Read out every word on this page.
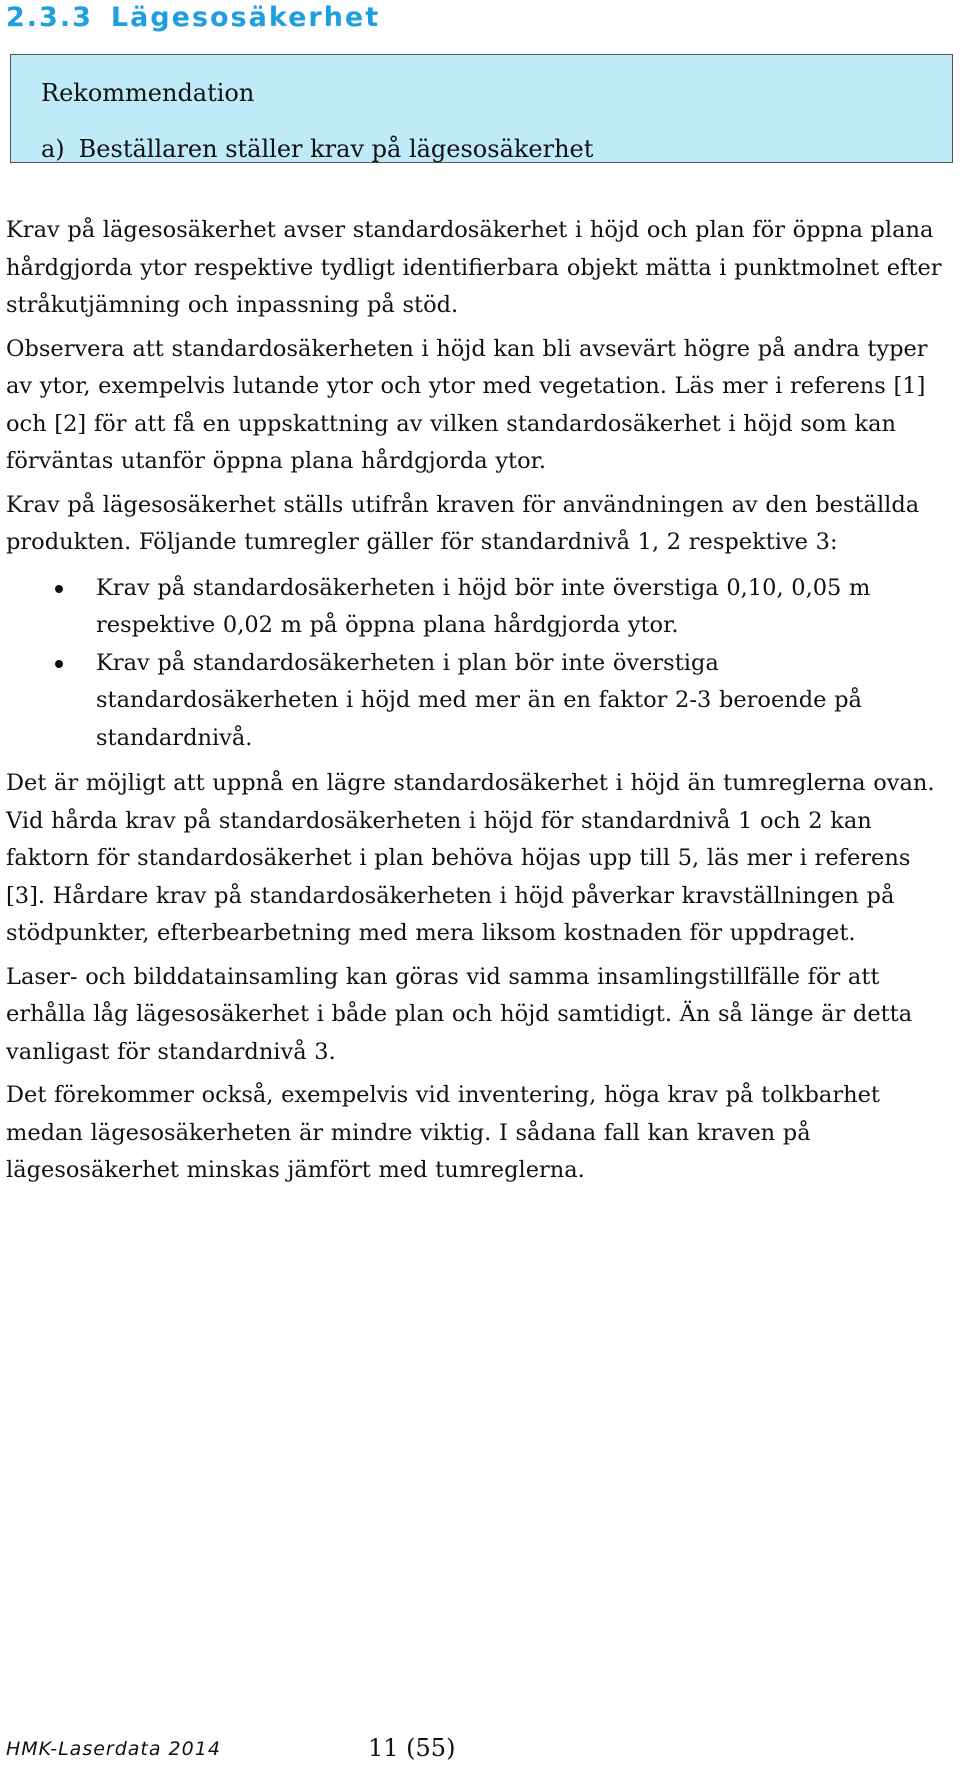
2.3.3 Lägesosäkerhet
Rekommendation
a) Beställaren ställer krav på lägesosäkerhet

Krav på lägesosäkerhet avser standardosäkerhet i höjd och plan för öppna plana hårdgjorda ytor respektive tydligt identifierbara objekt mätta i punktmolnet efter stråkutjämning och inpassning på stöd.

Observera att standardosäkerheten i höjd kan bli avsevärt högre på andra typer av ytor, exempelvis lutande ytor och ytor med vegetation. Läs mer i referens [1] och [2] för att få en uppskattning av vilken standardosäkerhet i höjd som kan förväntas utanför öppna plana hårdgjorda ytor.

Krav på lägesosäkerhet ställs utifrån kraven för användningen av den beställda produkten. Följande tumregler gäller för standardnivå 1, 2 respektive 3:

Krav på standardosäkerheten i höjd bör inte överstiga 0,10, 0,05 m respektive 0,02 m på öppna plana hårdgjorda ytor.
Krav på standardosäkerheten i plan bör inte överstiga standardosäkerheten i höjd med mer än en faktor 2-3 beroende på standardnivå.

Det är möjligt att uppnå en lägre standardosäkerhet i höjd än tumreglerna ovan. Vid hårda krav på standardosäkerheten i höjd för standardnivå 1 och 2 kan faktorn för standardosäkerhet i plan behöva höjas upp till 5, läs mer i referens [3]. Hårdare krav på standardosäkerheten i höjd påverkar kravställningen på stödpunkter, efterbearbetning med mera liksom kostnaden för uppdraget.

Laser- och bilddatainsamling kan göras vid samma insamlingstillfälle för att erhålla låg lägesosäkerhet i både plan och höjd samtidigt. Än så länge är detta vanligast för standardnivå 3.

Det förekommer också, exempelvis vid inventering, höga krav på tolkbarhet medan lägesosäkerheten är mindre viktig. I sådana fall kan kraven på lägesosäkerhet minskas jämfört med tumreglerna.

HMK-Laserdata 2014	11 (55)
